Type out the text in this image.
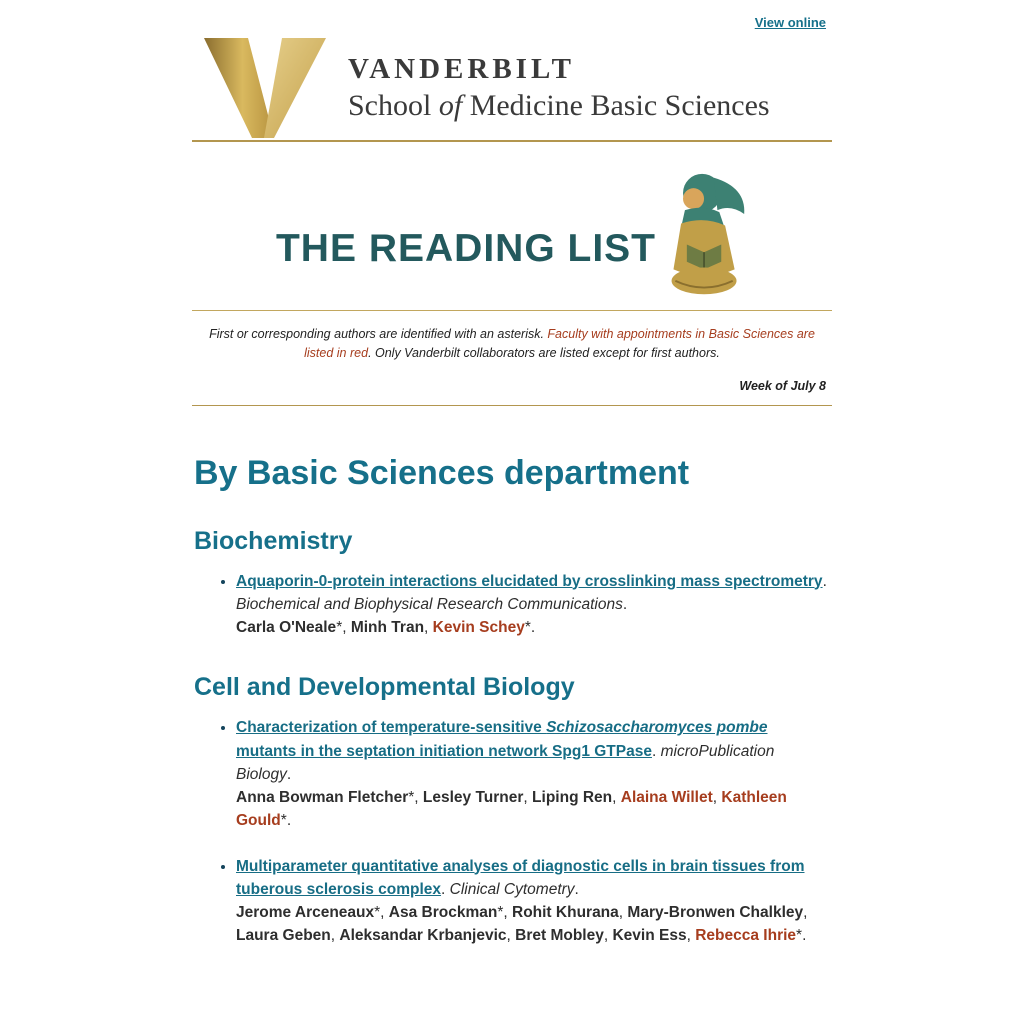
View online
VANDERBILT
School of Medicine Basic Sciences
THE READING LIST
First or corresponding authors are identified with an asterisk. Faculty with appointments in Basic Sciences are listed in red. Only Vanderbilt collaborators are listed except for first authors.
Week of July 8
By Basic Sciences department
Biochemistry
• Aquaporin-0-protein interactions elucidated by crosslinking mass spectrometry. Biochemical and Biophysical Research Communications.
Carla O'Neale*, Minh Tran, Kevin Schey*.
Cell and Developmental Biology
• Characterization of temperature-sensitive Schizosaccharomyces pombe mutants in the septation initiation network Spg1 GTPase. microPublication Biology.
Anna Bowman Fletcher*, Lesley Turner, Liping Ren, Alaina Willet, Kathleen Gould*.
• Multiparameter quantitative analyses of diagnostic cells in brain tissues from tuberous sclerosis complex. Clinical Cytometry.
Jerome Arceneaux*, Asa Brockman*, Rohit Khurana, Mary-Bronwen Chalkley, Laura Geben, Aleksandar Krbanjevic, Bret Mobley, Kevin Ess, Rebecca Ihrie*.
